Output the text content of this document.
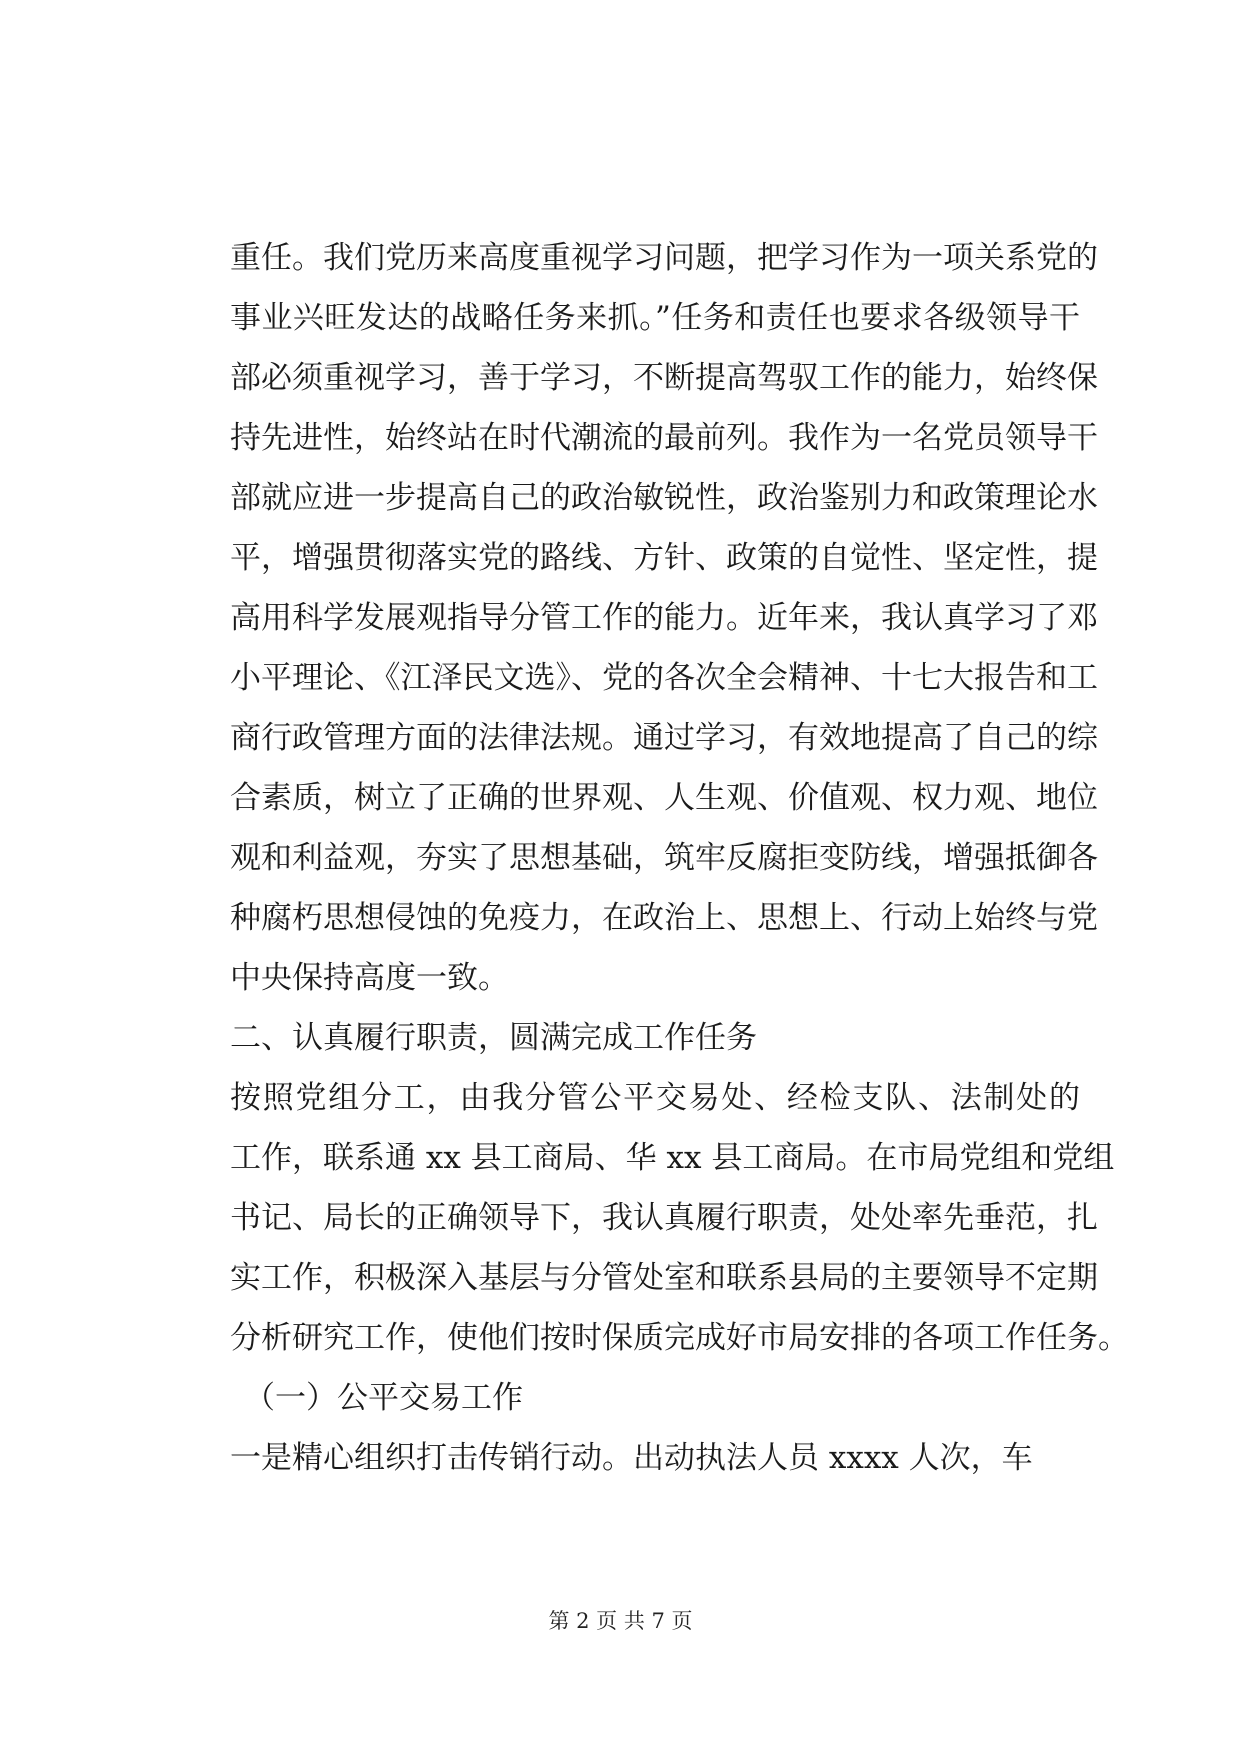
重任。我们党历来高度重视学习问题，把学习作为一项关系党的
事业兴旺发达的战略任务来抓。”任务和责任也要求各级领导干
部必须重视学习，善于学习，不断提高驾驭工作的能力，始终保
持先进性，始终站在时代潮流的最前列。我作为一名党员领导干
部就应进一步提高自己的政治敏锐性，政治鉴别力和政策理论水
平，增强贯彻落实党的路线、方针、政策的自觉性、坚定性，提
高用科学发展观指导分管工作的能力。近年来，我认真学习了邓
小平理论、《江泽民文选》、党的各次全会精神、十七大报告和工
商行政管理方面的法律法规。通过学习，有效地提高了自己的综
合素质，树立了正确的世界观、人生观、价值观、权力观、地位
观和利益观，夯实了思想基础，筑牢反腐拒变防线，增强抵御各
种腐朽思想侵蚀的免疫力，在政治上、思想上、行动上始终与党
中央保持高度一致。
二、认真履行职责，圆满完成工作任务
按照党组分工，由我分管公平交易处、经检支队、法制处的
工作，联系通 xx 县工商局、华 xx 县工商局。在市局党组和党组
书记、局长的正确领导下，我认真履行职责，处处率先垂范，扎
实工作，积极深入基层与分管处室和联系县局的主要领导不定期
分析研究工作，使他们按时保质完成好市局安排的各项工作任务。
（一）公平交易工作
一是精心组织打击传销行动。出动执法人员 xxxx 人次，车
第 2 页 共 7 页
